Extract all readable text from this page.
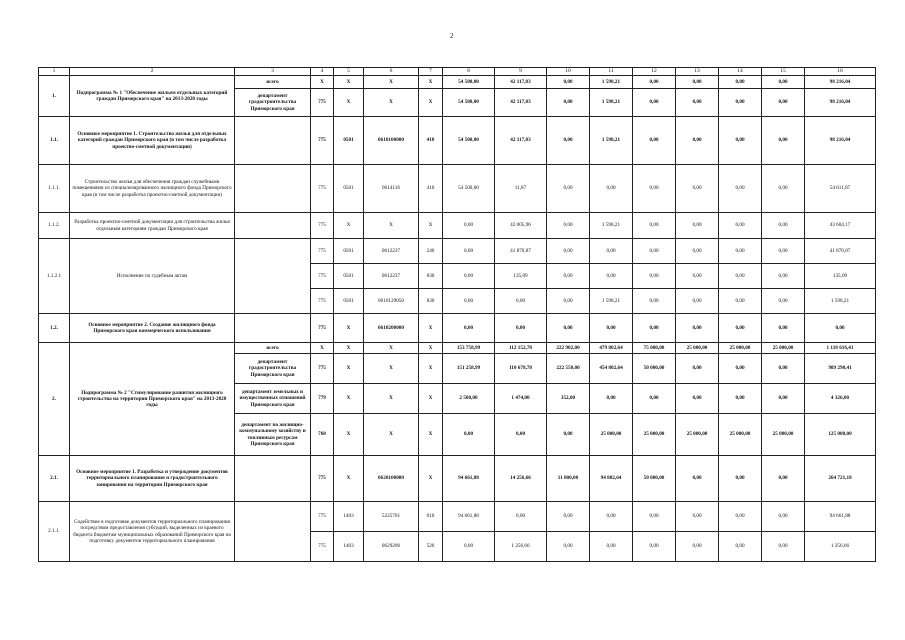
2
1	2	3	4	5	6	7	8	9	10	11	12	13	14	15	16
1.	Подпрограмма № 1 "Обеспечение жильем отдельных категорий граждан Приморского края" на 2013-2020 годы	всего	Х	Х	Х	Х	54 500,00	42 117,83	0,00	1 598,21	0,00	0,00	0,00	0,00	98 216,04
		департамент градостроительства Приморского края	775	Х	Х	Х	54 500,00	42 117,83	0,00	1 598,21	0,00	0,00	0,00	0,00	98 216,04
1.1.	Основное мероприятие 1. Строительство жилья для отдельных категорий граждан Приморского края (в том числе разработка проектно-сметной документации)		775	0501	0610100000	410	54 500,00	42 117,83	0,00	1 598,21	0,00	0,00	0,00	0,00	98 216,04
1.1.1.	Строительство жилья для обеспечения граждан служебными помещениями из специализированного жилищного фонда Приморского края (в том числе разработка проектно-сметной документации)		775	0501	0614116	410	54 500,00	11,87	0,00	0,00	0,00	0,00	0,00	0,00	54 611,87
1.1.2.	Разработка проектно-сметной документации для строительства жилья отдельным категориям граждан Приморского края		775	Х	Х	Х	0,00	42 005,96	0,00	1 598,21	0,00	0,00	0,00	0,00	43 604,17
1.1.2.1	Исполнение по судебным актам		775	0501	0612237	240	0,00	41 870,87	0,00	0,00	0,00	0,00	0,00	0,00	41 870,87
			775	0501	0612237	830	0,00	135,09	0,00	0,00	0,00	0,00	0,00	0,00	135,09
			775	0501	0610129050	830	0,00	0,00	0,00	1 598,21	0,00	0,00	0,00	0,00	1 598,21
1.2.	Основное мероприятие 2. Создание жилищного фонда Приморского края коммерческого использования		775	Х	0610200000	Х	0,00	0,00	0,00	0,00	0,00	0,00	0,00	0,00	0,00
2.	Подпрограмма № 2 "Стимулирование развития жилищного строительства на территории Приморского края" на 2013-2020 годы	всего	Х	Х	Х	Х	153 758,99	112 152,78	222 902,00	479 802,64	75 000,00	25 000,00	25 000,00	25 000,00	1 118 616,41
		департамент градостроительства Приморского края	775	Х	Х	Х	151 258,99	110 678,78	222 550,00	454 802,64	50 000,00	0,00	0,00	0,00	989 290,41
		департамент земельных и имущественных отношений Приморского края	779	Х	Х	Х	2 500,00	1 474,00	352,00	0,00	0,00	0,00	0,00	0,00	4 326,00
		департамент по жилищно-коммунальному хозяйству и топливным ресурсам Приморского края	768	Х	Х	Х	0,00	0,00	0,00	25 000,00	25 000,00	25 000,00	25 000,00	25 000,00	125 000,00
2.1.	Основное мероприятие 1. Разработка и утверждение документов территориального планирования и градостроительного зонирования на территории Приморского края		775	Х	0620100000	Х	94 661,88	14 256,66	11 000,00	94 802,64	50 000,00	0,00	0,00	0,00	264 721,18
2.1.1.	Содействие в подготовке документов территориального планирования посредством предоставления субсидий, выделенных из краевого бюджета бюджетам муниципальных образований Приморского края на подготовку документов территориального планирования		775	1403	5225701	010	94 661,88	0,00	0,00	0,00	0,00	0,00	0,00	0,00	94 661,88
			775	1403	0629206	520	0,00	1 256,66	0,00	0,00	0,00	0,00	0,00	0,00	1 256,66
